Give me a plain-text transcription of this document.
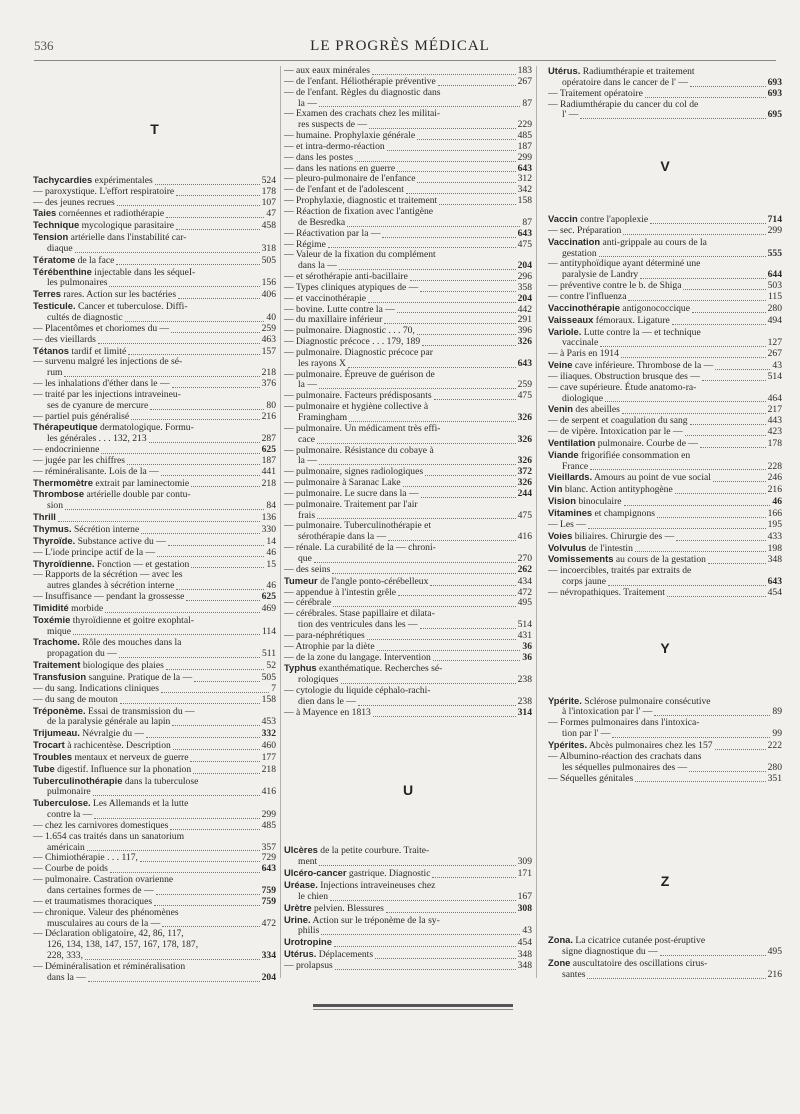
536	LE PROGRÈS MÉDICAL
T
Tachycardies expérimentales	524
— paroxystique. L'effort respiratoire	178
— des jeunes recrues	107
Taies cornéennes et radiothérapie	47
Technique mycologique parasitaire	458
Tension artérielle dans l'instabilité car-
diaque	318
Tératome de la face	505
Térébenthine injectable dans les séqueI-
les pulmonaires	156
Terres rares. Action sur les bactéries	406
Testicule. Cancer et tuberculose. Diffi-
cultés de diagnostic	40
— Placentômes et choriomes du —	259
— des vieillards	463
Tétanos tardif et limité	157
— survenu malgré les injections de sé-
rum	218
— les inhalations d'éther dans le —	376
— traité par les injections intraveineu-
ses de cyanure de mercure	80
— partiel puis généralisé	216
Thérapeutique dermatologique. Formu-
les générales . . . 132, 213	287
— endocrinienne	625
— jugée par les chiffres	187
— réminéralisante. Lois de la —	441
Thermomètre extrait par laminectomie	218
Thrombose artérielle double par contu-
sion	84
Thrill	136
Thymus. Sécrétion interne	330
Thyroïde. Substance active du —	14
— L'iode principe actif de la —	46
Thyroïdienne. Fonction — et gestation	15
— Rapports de la sécrétion — avec les
autres glandes à sécrétion interne	46
— Insuffisance — pendant la grossesse	625
Timidité morbide	469
Toxémie thyroïdienne et goitre exophtal-
mique	114
Trachome. Rôle des mouches dans la
propagation du —	511
Traitement biologique des plaies	52
Transfusion sanguine. Pratique de la —	505
— du sang. Indications cliniques	7
— du sang de mouton	158
Tréponème. Essai de transmission du —
de la paralysie générale au lapin	453
Trijumeau. Névralgie du —	332
Trocart à rachicentèse. Description	460
Troubles mentaux et nerveux de guerre	177
Tube digestif. Influence sur la phonation	218
Tuberculinothérapie dans la tuberculose
pulmonaire	416
Tuberculose. Les Allemands et la lutte
contre la —	299
— chez les carnivores domestiques	485
— 1.654 cas traités dans un sanatorium
américain	357
— Chimiothérapie . . . 117,	729
— Courbe de poids	643
— pulmonaire. Castration ovarienne
dans certaines formes de —	759
— et traumatismes thoraciques	759
— chronique. Valeur des phénomènes
musculaires au cours de la —	472
— Déclaration obligatoire, 42, 86, 117,
126, 134, 138, 147, 157, 167, 178, 187,
228, 333,	334
— Déminéralisation et réminéralisation
dans la —	204
— aux eaux minérales	183
— de l'enfant. Héliothérapie préventive	267
— de l'enfant. Règles du diagnostic dans
la —	87
— Examen des crachats chez les militai-
res suspects de —	229
— humaine. Prophylaxie générale	485
— et intra-dermo-réaction	187
— dans les postes	299
— dans les nations en guerre	643
— pleuro-pulmonaire de l'enfance	312
— de l'enfant et de l'adolescent	342
— Prophylaxie, diagnostic et traitement	158
— Réaction de fixation avec l'antigène
de Besredka	87
— Réactivation par la —	643
— Régime	475
— Valeur de la fixation du complément
dans la —	204
— et sérothérapie anti-bacillaire	296
— Types cliniques atypiques de —	358
— et vaccinothérapie	204
— bovine. Lutte contre la —	442
— du maxillaire inférieur	291
— pulmonaire. Diagnostic . . . 70,	396
— Diagnostic précoce . . . 179, 189	326
— pulmonaire. Diagnostic précoce par
les rayons X	643
— pulmonaire. Épreuve de guérison de
la —	259
— pulmonaire. Facteurs prédisposants	475
— pulmonaire et hygiène collective à
Framingham	326
— pulmonaire. Un médicament très effi-
cace	326
— pulmonaire. Résistance du cobaye à
la —	326
— pulmonaire, signes radiologiques	372
— pulmonaire à Saranac Lake	326
— pulmonaire. Le sucre dans la —	244
— pulmonaire. Traitement par l'air
frais	475
— pulmonaire. Tuberculinothérapie et
sérothérapie dans la —	416
— rénale. La curabilité de la — chroni-
que	270
— des seins	262
Tumeur de l'angle ponto-cérébelleux	434
— appendue à l'intestin grêle	472
— cérébrale	495
— cérébrales. Stase papillaire et dilata-
tion des ventricules dans les —	514
— para-néphrétiques	431
— Atrophie par la diète	36
— de la zone du langage. Intervention	36
Typhus exanthématique. Recherches sé-
rologiques	238
— cytologie du liquide céphalo-rachi-
dien dans le —	238
— à Mayence en 1813	314
U
Ulcères de la petite courbure. Traite-
ment	309
Ulcéro-cancer gastrique. Diagnostic	171
Uréase. Injections intraveineuses chez
le chien	167
Urètre pelvien. Blessures	308
Urine. Action sur le tréponème de la sy-
philis	43
Urotropine	454
Utérus. Déplacements	348
— prolapsus	348
Utérus. Radiumthérapie et traitement
opératoire dans le cancer de l' —	693
— Traitement opératoire	693
— Radiumthérapie du cancer du col de
l' —	695
V
Vaccin contre l'apoplexie	714
— sec. Préparation	299
Vaccination anti-grippale au cours de la
gestation	555
— antityphoïdique ayant déterminé une
paralysie de Landry	644
— préventive contre le b. de Shiga	503
— contre l'influenza	115
Vaccinothérapie antigonococcique	280
Vaisseaux fémoraux. Ligature	494
Variole. Lutte contre la — et technique
vaccinale	127
— à Paris en 1914	267
Veine cave inférieure. Thrombose de la —	43
— iliaques. Obstruction brusque des —	514
— cave supérieure. Étude anatomo-ra-
diologique	464
Venin des abeilles	217
— de serpent et coagulation du sang	443
— de vipère. Intoxication par le —	423
Ventilation pulmonaire. Courbe de —	178
Viande frigorifiée consommation en
France	228
Vieillards. Amours au point de vue social	246
Vin blanc. Action antityphogène	216
Vision binoculaire	46
Vitamines et champignons	166
— Les —	195
Voies biliaires. Chirurgie des —	433
Volvulus de l'intestin	198
Vomissements au cours de la gestation	348
— incoercibles, traités par extraits de
corps jaune	643
— névropathiques. Traitement	454
Y
Ypérite. Sclérose pulmonaire consécutive
à l'intoxication par l' —	89
— Formes pulmonaires dans l'intoxica-
tion par l' —	99
Ypérites. Abcès pulmonaires chez les 157	222
— Albumino-réaction des crachats dans
les séquelles pulmonaires des —	280
— Séquelles génitales	351
Z
Zona. La cicatrice cutanée post-éruptive
signe diagnostique du —	495
Zone auscultatoire des oscillations cirus-
santes	216
